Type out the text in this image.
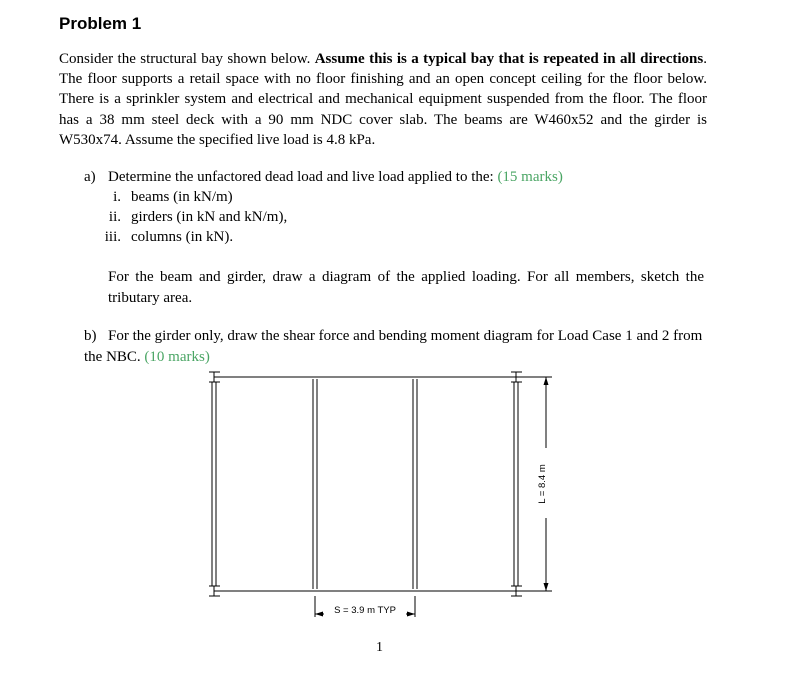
Problem 1
Consider the structural bay shown below. Assume this is a typical bay that is repeated in all directions. The floor supports a retail space with no floor finishing and an open concept ceiling for the floor below. There is a sprinkler system and electrical and mechanical equipment suspended from the floor. The floor has a 38 mm steel deck with a 90 mm NDC cover slab. The beams are W460x52 and the girder is W530x74. Assume the specified live load is 4.8 kPa.
a) Determine the unfactored dead load and live load applied to the: (15 marks)
i. beams (in kN/m)
ii. girders (in kN and kN/m),
iii. columns (in kN).
For the beam and girder, draw a diagram of the applied loading. For all members, sketch the tributary area.
b) For the girder only, draw the shear force and bending moment diagram for Load Case 1 and 2 from the NBC. (10 marks)
S = 3.9 m TYP
L = 8.4 m
1
